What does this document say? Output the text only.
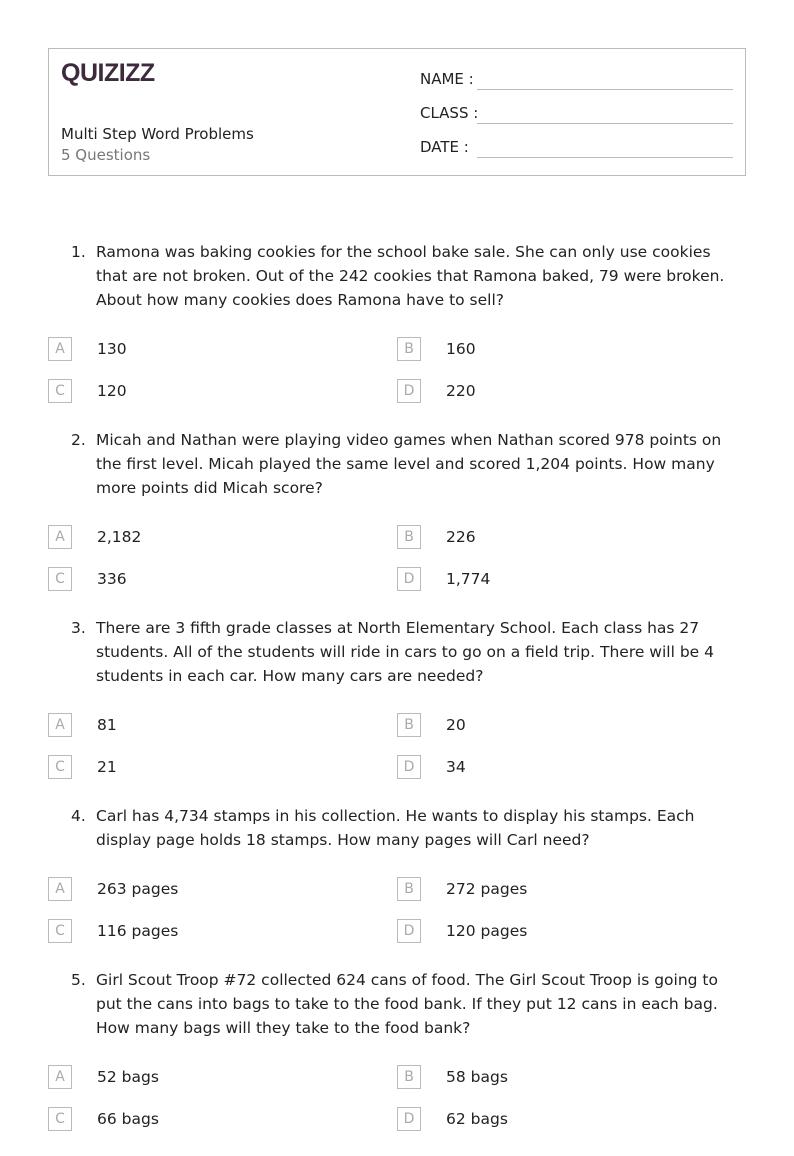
QUIZIZZ
Multi Step Word Problems
5 Questions
NAME :
CLASS :
DATE :
1. Ramona was baking cookies for the school bake sale. She can only use cookies that are not broken. Out of the 242 cookies that Ramona baked, 79 were broken. About how many cookies does Ramona have to sell?
A	130	B	160
C	120	D	220
2. Micah and Nathan were playing video games when Nathan scored 978 points on the first level. Micah played the same level and scored 1,204 points. How many more points did Micah score?
A	2,182	B	226
C	336	D	1,774
3. There are 3 fifth grade classes at North Elementary School. Each class has 27 students. All of the students will ride in cars to go on a field trip. There will be 4 students in each car. How many cars are needed?
A	81	B	20
C	21	D	34
4. Carl has 4,734 stamps in his collection. He wants to display his stamps. Each display page holds 18 stamps. How many pages will Carl need?
A	263 pages	B	272 pages
C	116 pages	D	120 pages
5. Girl Scout Troop #72 collected 624 cans of food. The Girl Scout Troop is going to put the cans into bags to take to the food bank. If they put 12 cans in each bag. How many bags will they take to the food bank?
A	52 bags	B	58 bags
C	66 bags	D	62 bags
